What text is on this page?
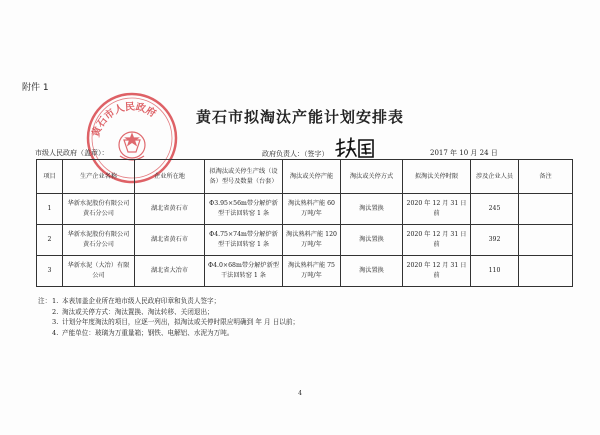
附件 1
黄石市人民政府	黄石市拟淘汰产能计划安排表
市级人民政府（盖章）：	政府负责人：（签字）	2017 年 10 月 24 日
项目	生产企业名称	企业所在地	拟淘汰或关停生产线（设备）型号及数量（台套）	淘汰或关停产能	淘汰或关停方式	拟淘汰关停时限	涉及企业人员	备注
1	华新水泥股份有限公司黄石分公司	湖北省黄石市	Φ3.95×56m带分解炉新型干法回转窑 1 条	淘汰熟料产能 60 万吨/年	淘汰置换	2020 年 12 月 31 日前	245	
2	华新水泥股份有限公司黄石分公司	湖北省黄石市	Φ4.75×74m带分解炉新型干法回转窑 1 条	淘汰熟料产能 120 万吨/年	淘汰置换	2020 年 12 月 31 日前	392	
3	华新水泥（大冶）有限公司	湖北省大冶市	Φ4.0×68m带分解炉新型干法回转窑 1 条	淘汰熟料产能 75 万吨/年	淘汰置换	2020 年 12 月 31 日前	110	
注： 1. 本表加盖企业所在地市级人民政府印章和负责人签字；
2. 淘汰或关停方式：淘汰置换、淘汰转移、关闭退出；
3. 计划分年度淘汰的项目，应逐一列出，拟淘汰或关停时限应明确到 年 月 日以前；
4. 产能单位：玻璃为万重量箱；钢铁、电解铝、水泥为万吨。
4
